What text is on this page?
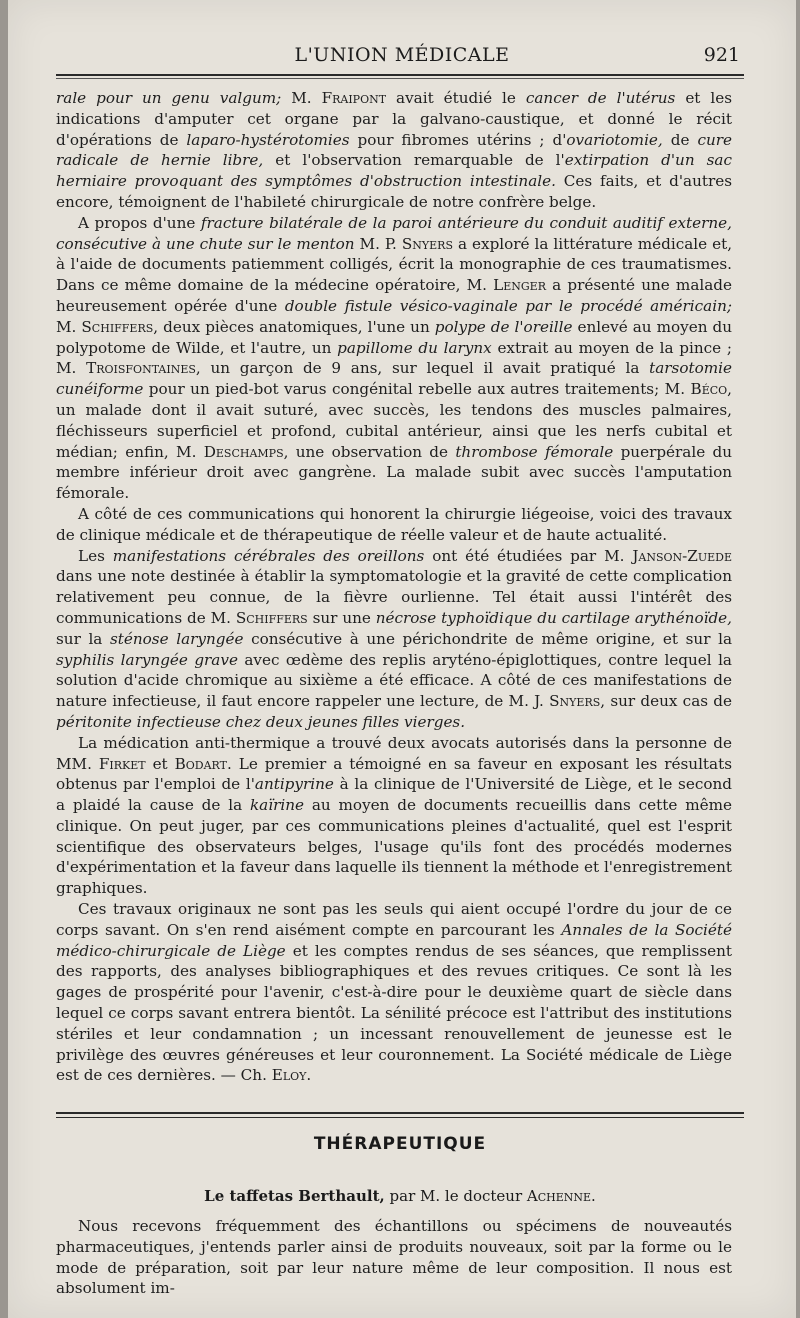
L'UNION MÉDICALE	921

rale pour un genu valgum; M. Fraipont avait étudié le cancer de l'utérus et les indications d'amputer cet organe par la galvano-caustique, et donné le récit d'opérations de laparo-hystérotomies pour fibromes utérins ; d'ovariotomie, de cure radicale de hernie libre, et l'observation remarquable de l'extirpation d'un sac herniaire provoquant des symptômes d'obstruction intestinale. Ces faits, et d'autres encore, témoignent de l'habileté chirurgicale de notre confrère belge.

A propos d'une fracture bilatérale de la paroi antérieure du conduit auditif externe, consécutive à une chute sur le menton M. P. Snyers a exploré la littérature médicale et, à l'aide de documents patiemment colligés, écrit la monographie de ces traumatismes. Dans ce même domaine de la médecine opératoire, M. Lenger a présenté une malade heureusement opérée d'une double fistule vésico-vaginale par le procédé américain; M. Schiffers, deux pièces anatomiques, l'une un polype de l'oreille enlevé au moyen du polypotome de Wilde, et l'autre, un papillome du larynx extrait au moyen de la pince ; M. Troisfontaines, un garçon de 9 ans, sur lequel il avait pratiqué la tarsotomie cunéiforme pour un pied-bot varus congénital rebelle aux autres traitements; M. Béco, un malade dont il avait suturé, avec succès, les tendons des muscles palmaires, fléchisseurs superficiel et profond, cubital antérieur, ainsi que les nerfs cubital et médian; enfin, M. Deschamps, une observation de thrombose fémorale puerpérale du membre inférieur droit avec gangrène. La malade subit avec succès l'amputation fémorale.

A côté de ces communications qui honorent la chirurgie liégeoise, voici des travaux de clinique médicale et de thérapeutique de réelle valeur et de haute actualité.

Les manifestations cérébrales des oreillons ont été étudiées par M. Janson-Zuede dans une note destinée à établir la symptomatologie et la gravité de cette complication relativement peu connue, de la fièvre ourlienne. Tel était aussi l'intérêt des communications de M. Schiffers sur une nécrose typhoïdique du cartilage arythénoïde, sur la sténose laryngée consécutive à une périchondrite de même origine, et sur la syphilis laryngée grave avec œdème des replis aryténo-épiglottiques, contre lequel la solution d'acide chromique au sixième a été efficace. A côté de ces manifestations de nature infectieuse, il faut encore rappeler une lecture, de M. J. Snyers, sur deux cas de péritonite infectieuse chez deux jeunes filles vierges.

La médication anti-thermique a trouvé deux avocats autorisés dans la personne de MM. Firket et Bodart. Le premier a témoigné en sa faveur en exposant les résultats obtenus par l'emploi de l'antipyrine à la clinique de l'Université de Liège, et le second a plaidé la cause de la kaïrine au moyen de documents recueillis dans cette même clinique. On peut juger, par ces communications pleines d'actualité, quel est l'esprit scientifique des observateurs belges, l'usage qu'ils font des procédés modernes d'expérimentation et la faveur dans laquelle ils tiennent la méthode et l'enregistrement graphiques.

Ces travaux originaux ne sont pas les seuls qui aient occupé l'ordre du jour de ce corps savant. On s'en rend aisément compte en parcourant les Annales de la Société médico-chirurgicale de Liège et les comptes rendus de ses séances, que remplissent des rapports, des analyses bibliographiques et des revues critiques. Ce sont là les gages de prospérité pour l'avenir, c'est-à-dire pour le deuxième quart de siècle dans lequel ce corps savant entrera bientôt. La sénilité précoce est l'attribut des institutions stériles et leur condamnation ; un incessant renouvellement de jeunesse est le privilège des œuvres généreuses et leur couronnement. La Société médicale de Liège est de ces dernières. — Ch. Eloy.

THÉRAPEUTIQUE
Le taffetas Berthault, par M. le docteur Achenne.

Nous recevons fréquemment des échantillons ou spécimens de nouveautés pharmaceutiques, j'entends parler ainsi de produits nouveaux, soit par la forme ou le mode de préparation, soit par leur nature même de leur composition. Il nous est absolument im-
